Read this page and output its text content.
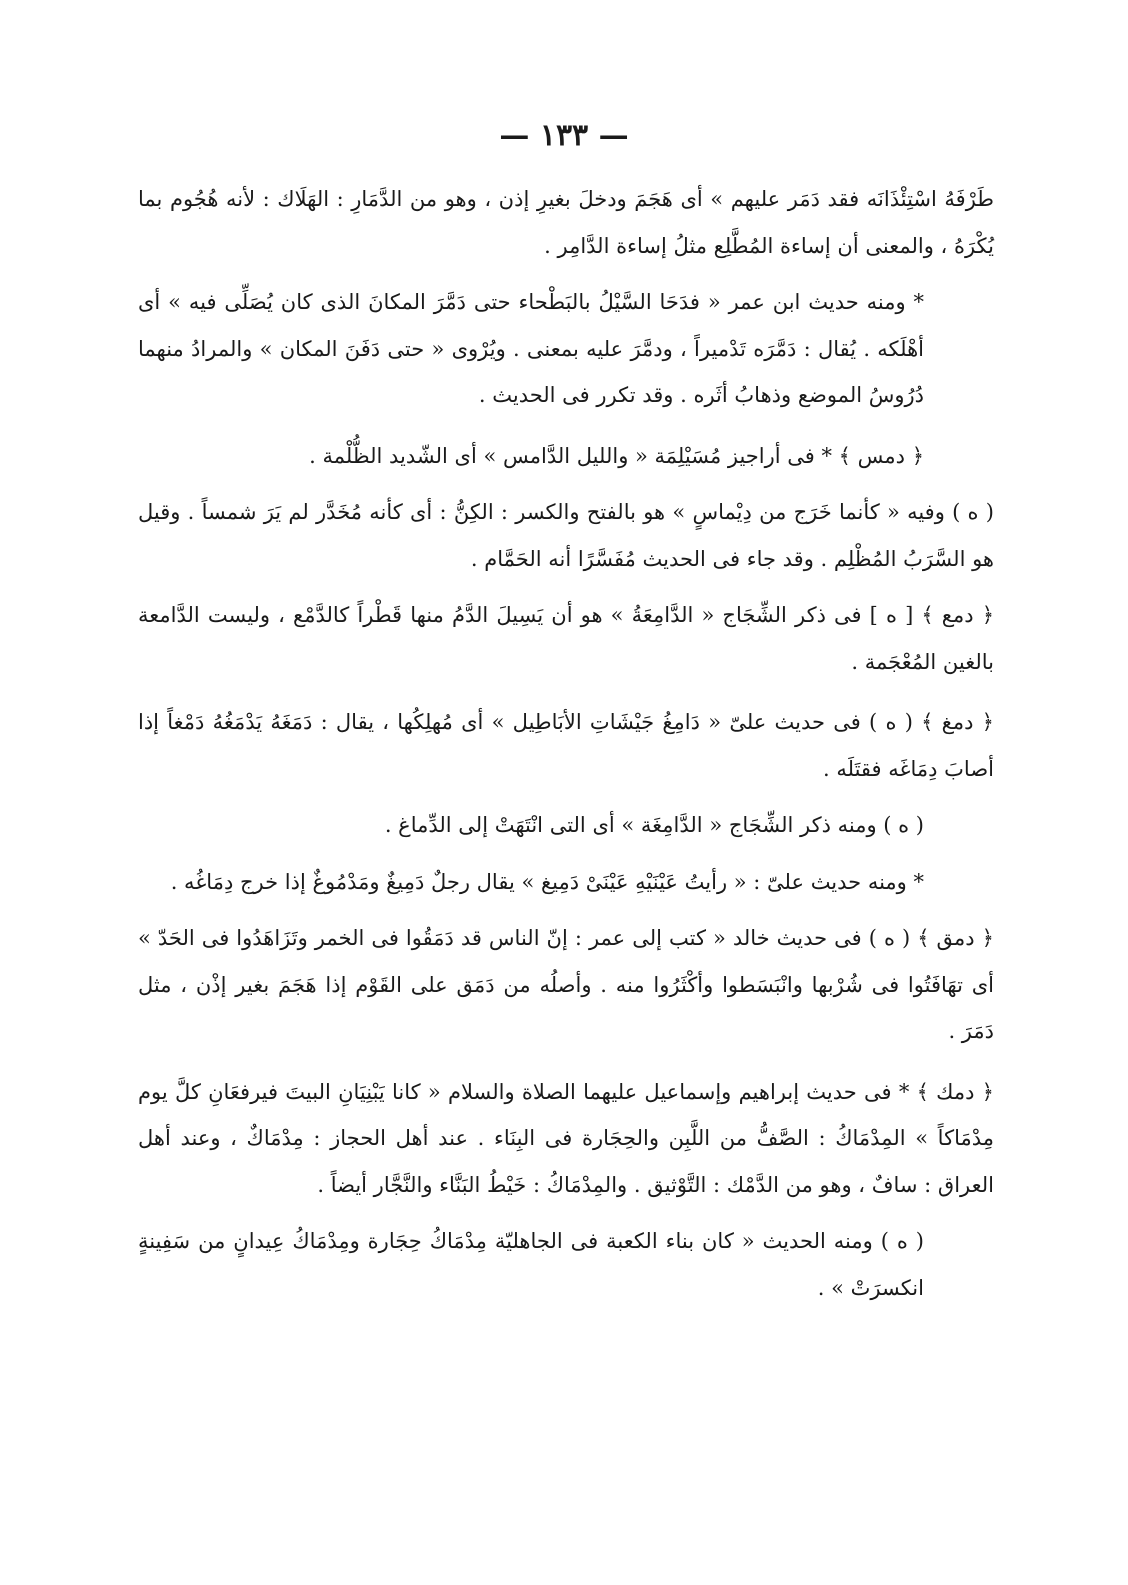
— ١٣٣ —

طَرْفَهُ اسْتِئْذَانَه فقد دَمَر عليهم » أى هَجَمَ ودخلَ بغيرِ إذن ، وهو من الدَّمَارِ : الهَلَاك : لأنه هُجُوم بما يُكْرَهُ ، والمعنى أن إساءة المُطَّلِع مثلُ إساءة الدَّامِر .

* ومنه حديث ابن عمر « فدَحَا السَّيْلُ بالبَطْحاء حتى دَمَّرَ المكانَ الذى كان يُصَلِّى فيه » أى أهْلَكه . يُقال : دَمَّرَه تَدْميراً ، ودمَّرَ عليه بمعنى . ويُرْوى « حتى دَفَنَ المكان » والمرادُ منهما دُرُوسُ الموضع وذهابُ أثَره . وقد تكرر فى الحديث .

﴿ دمس ﴾ * فى أراجيز مُسَيْلِمَة « والليل الدَّامس » أى الشّديد الظُّلْمة .

( ه ) وفيه « كأنما خَرَج من دِيْماسٍ » هو بالفتح والكسر : الكِنُّ : أى كأنه مُخَدَّر لم يَرَ شمساً . وقيل هو السَّرَبُ المُظْلِم . وقد جاء فى الحديث مُفَسَّرًا أنه الحَمَّام .

﴿ دمع ﴾ [ ه ] فى ذكر الشِّجَاج « الدَّامِعَةُ » هو أن يَسِيلَ الدَّمُ منها قَطْراً كالدَّمْع ، وليست الدَّامعة بالغين المُعْجَمة .

﴿ دمغ ﴾ ( ه ) فى حديث علىّ « دَامِغُ جَيْشَاتِ الأبَاطِيل » أى مُهلِكُها ، يقال : دَمَغَهُ يَدْمَغُهُ دَمْغاً إذا أصابَ دِمَاغَه فقتَلَه .

( ه ) ومنه ذكر الشِّجَاج « الدَّامِغَة » أى التى انْتَهَتْ إلى الدِّماغ .

* ومنه حديث علىّ : « رأيتُ عَيْنَيْهِ عَيْنَىْ دَمِيغ » يقال رجلٌ دَمِيغٌ ومَدْمُوغٌ إذا خرج دِمَاغُه .

﴿ دمق ﴾ ( ه ) فى حديث خالد « كتب إلى عمر : إنّ الناس قد دَمَقُوا فى الخمر وتَزَاهَدُوا فى الحَدّ » أى تهَافَتُوا فى شُرْبها وانْبَسَطوا وأكْثَرُوا منه . وأصلُه من دَمَق على القَوْم إذا هَجَمَ بغير إذْن ، مثل دَمَرَ .

﴿ دمك ﴾ * فى حديث إبراهيم وإسماعيل عليهما الصلاة والسلام « كانا يَبْنِيَانِ البيتَ فيرفعَانِ كلَّ يوم مِدْمَاكاً » المِدْمَاكُ : الصَّفُّ من اللَّبِن والحِجَارة فى البِنَاء . عند أهل الحجاز : مِدْمَاكٌ ، وعند أهل العراق : سافٌ ، وهو من الدَّمْك : التَّوْثيق . والمِدْمَاكُ : خَيْطُ البَنَّاء والنَّجَّار أيضاً .

( ه ) ومنه الحديث « كان بناء الكعبة فى الجاهليّة مِدْمَاكُ حِجَارة ومِدْمَاكُ عِيدانٍ من سَفِينةٍ انكسرَتْ » .
